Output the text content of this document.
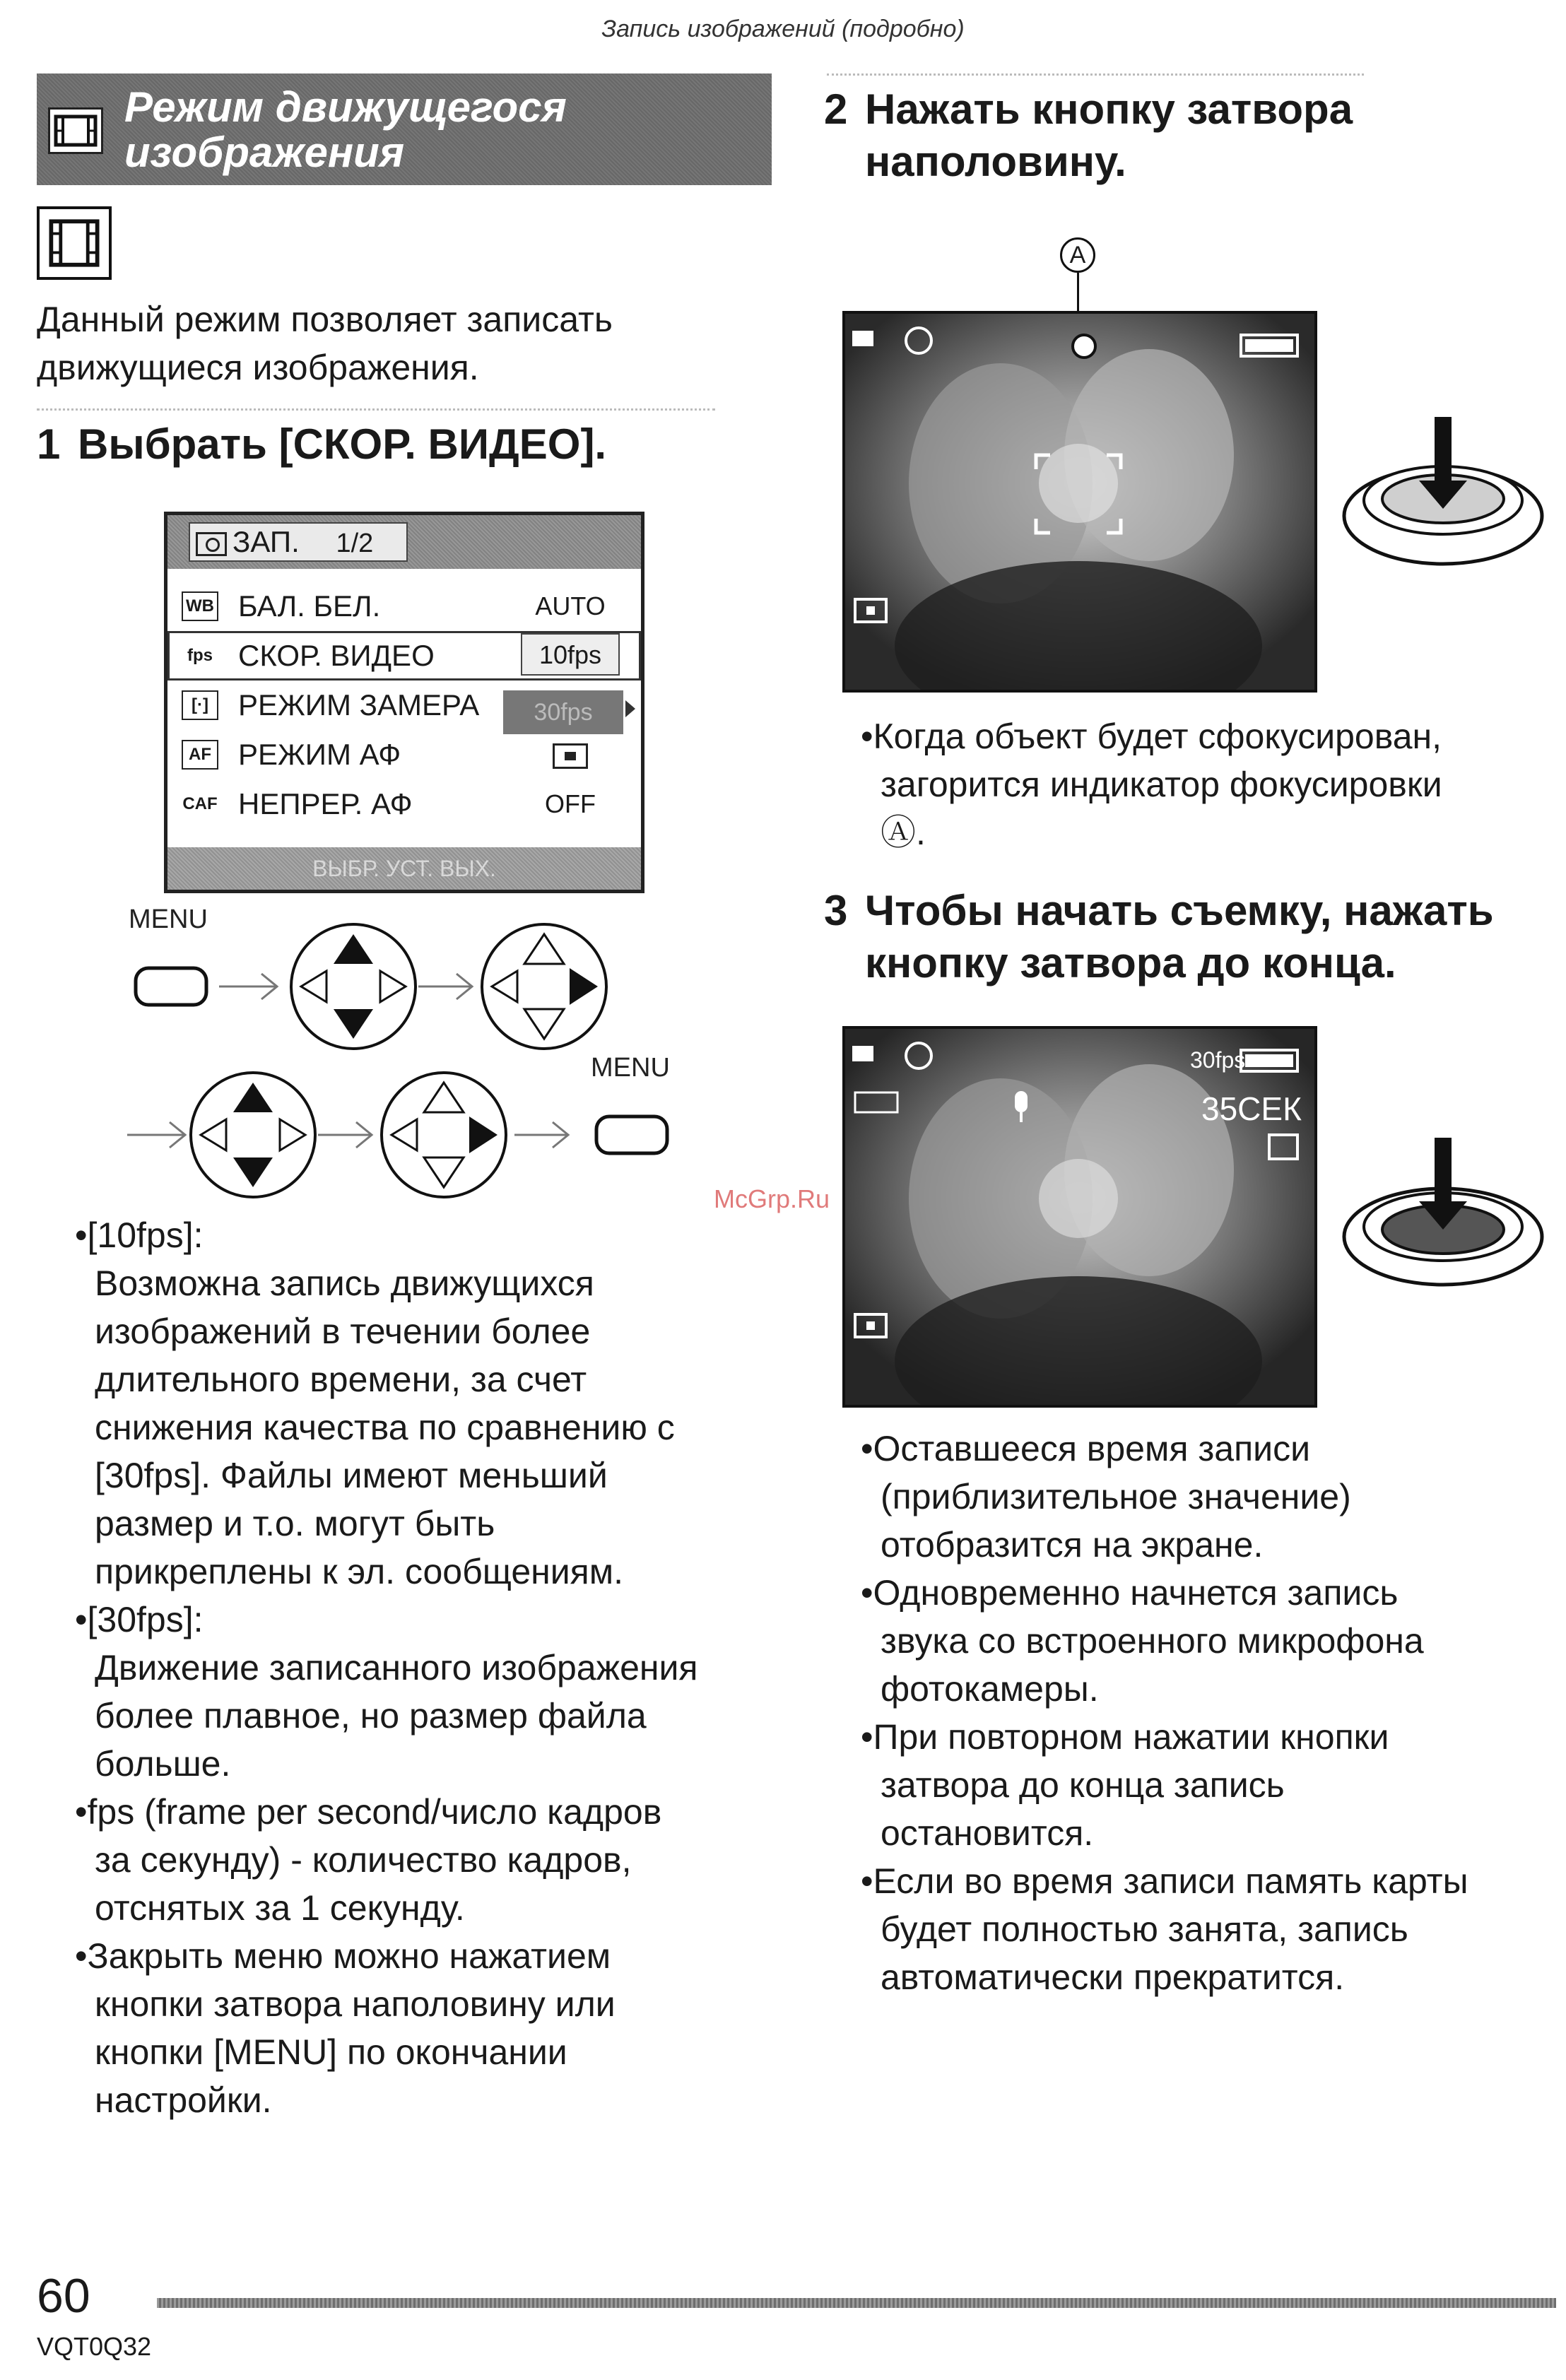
Запись изображений (подробно)
Режим движущегося
изображения
Данный режим позволяет записать
движущиеся изображения.
1 Выбрать [СКОР. ВИДЕО].
ЗАП. 1/2
WB БАЛ. БЕЛ.	AUTO
fps СКОР. ВИДЕО	10fps
[·]	РЕЖИМ ЗАМЕРА	30fps
AF РЕЖИМ АФ
CAF НЕПРЕР. АФ	OFF
ВЫБР. УСТ. ВЫХ.
MENU
MENU
•[10fps]:
Возможна запись движущихся
изображений в течении более
длительного времени, за счет
снижения качества по сравнению с
[30fps]. Файлы имеют меньший
размер и т.о. могут быть
прикреплены к эл. сообщениям.
•[30fps]:
Движение записанного изображения
более плавное, но размер файла
больше.
•fps (frame per second/число кадров
за секунду) - количество кадров,
отснятых за 1 секунду.
•Закрыть меню можно нажатием
кнопки затвора наполовину или
кнопки [MENU] по окончании
настройки.
2 Нажать кнопку затвора
наполовину.
A
•Когда объект будет сфокусирован,
загорится индикатор фокусировки
Ⓐ.
3 Чтобы начать съемку, нажать
кнопку затвора до конца.
30fps
35СЕК
McGrp.Ru
•Оставшееся время записи
(приблизительное значение)
отобразится на экране.
•Одновременно начнется запись
звука со встроенного микрофона
фотокамеры.
•При повторном нажатии кнопки
затвора до конца запись
остановится.
•Если во время записи память карты
будет полностью занята, запись
автоматически прекратится.
60
VQT0Q32
